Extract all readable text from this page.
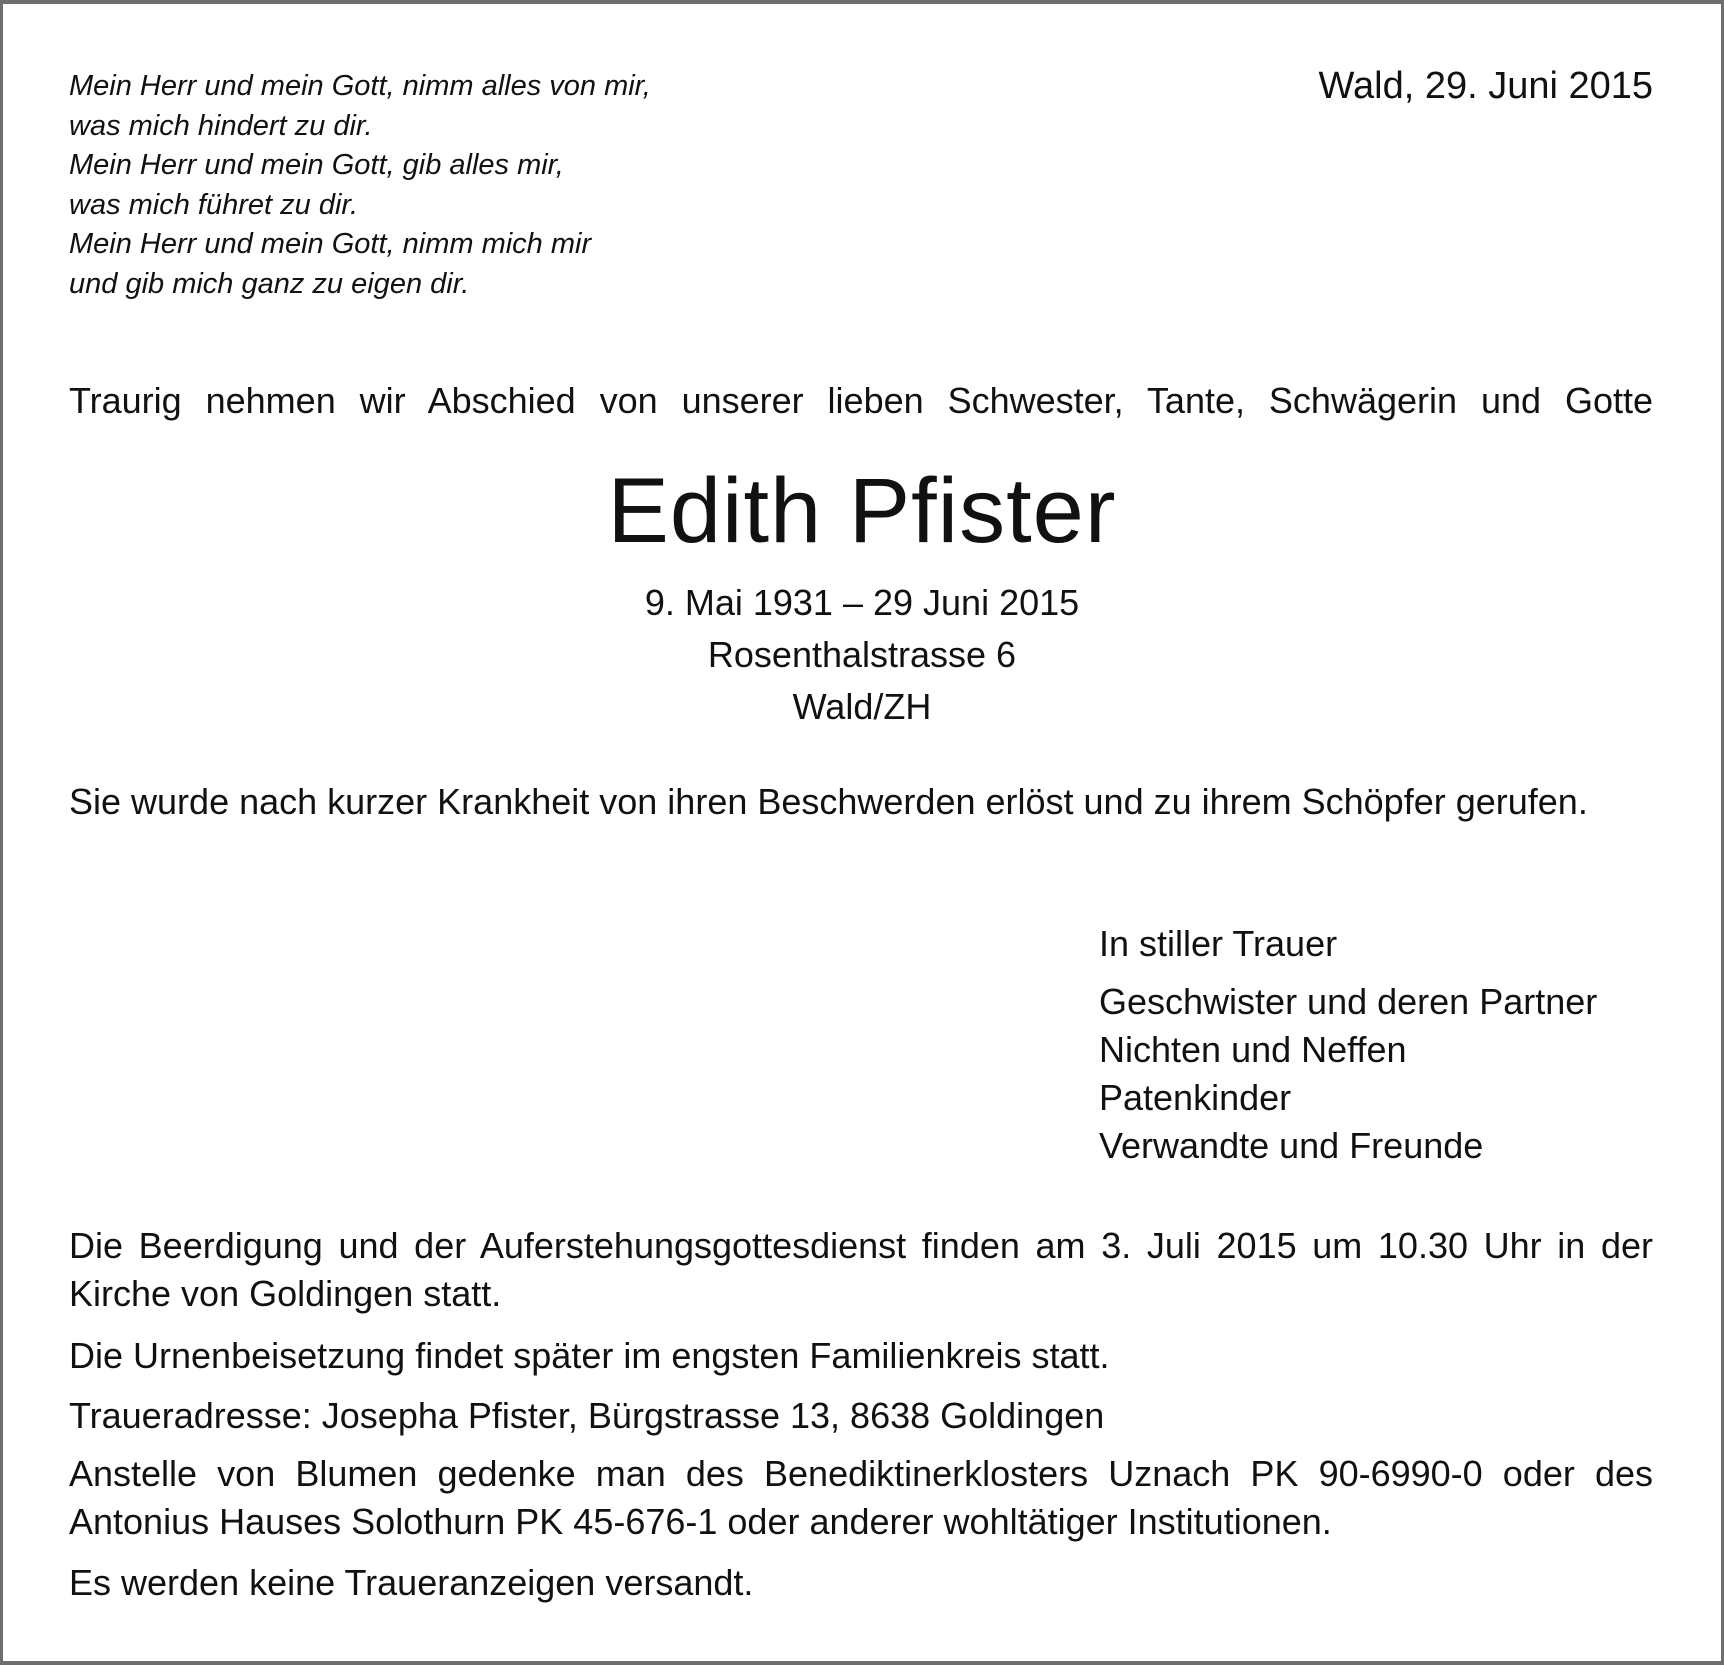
Mein Herr und mein Gott, nimm alles von mir,
was mich hindert zu dir.
Mein Herr und mein Gott, gib alles mir,
was mich führet zu dir.
Mein Herr und mein Gott, nimm mich mir
und gib mich ganz zu eigen dir.
Wald, 29. Juni 2015
Traurig nehmen wir Abschied von unserer lieben Schwester, Tante, Schwägerin und Gotte
Edith Pfister
9. Mai 1931 – 29 Juni 2015
Rosenthalstrasse 6
Wald/ZH
Sie wurde nach kurzer Krankheit von ihren Beschwerden erlöst und zu ihrem Schöpfer gerufen.
In stiller Trauer
Geschwister und deren Partner
Nichten und Neffen
Patenkinder
Verwandte und Freunde
Die Beerdigung und der Auferstehungsgottesdienst finden am 3. Juli 2015 um 10.30 Uhr in der Kirche von Goldingen statt.
Die Urnenbeisetzung findet später im engsten Familienkreis statt.
Traueradresse: Josepha Pfister, Bürgstrasse 13, 8638 Goldingen
Anstelle von Blumen gedenke man des Benediktinerklosters Uznach PK 90-6990-0 oder des Antonius Hauses Solothurn PK 45-676-1 oder anderer wohltätiger Institutionen.
Es werden keine Traueranzeigen versandt.
